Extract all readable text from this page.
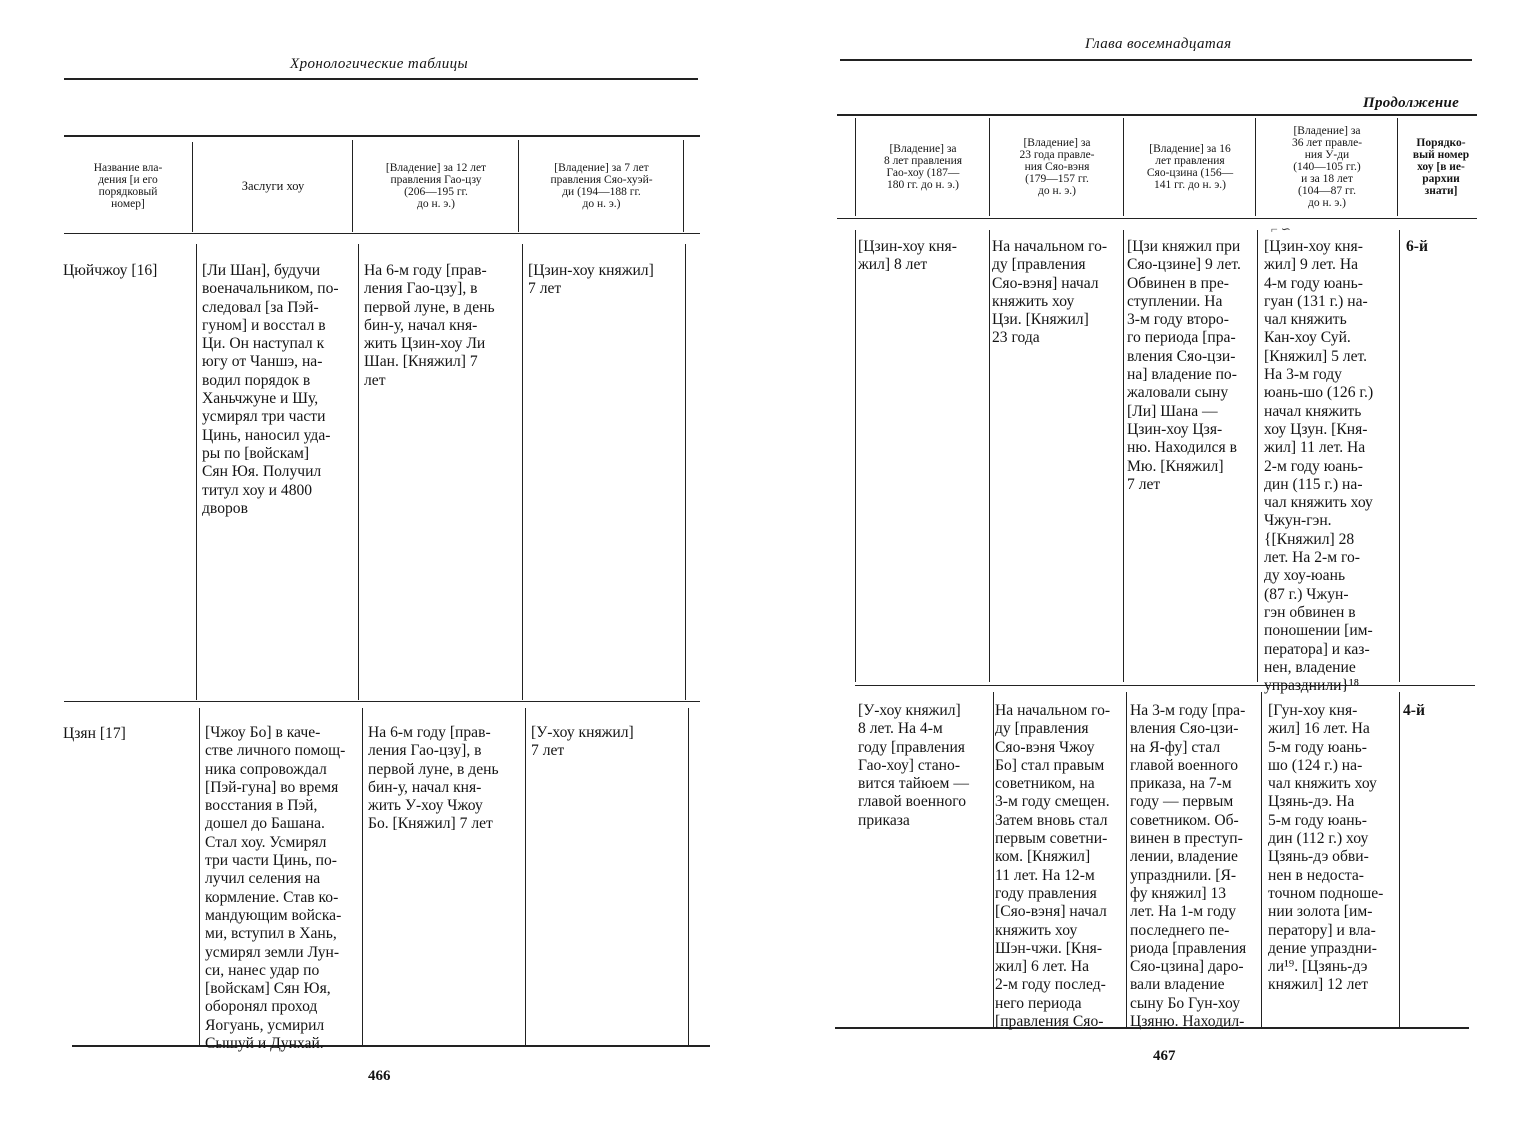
Хронологические таблицы
Название вла-
дения [и его
порядковый
номер]
Заслуги хоу
[Владение] за 12 лет
правления Гао-цзу
(206—195 гг.
до н. э.)
[Владение] за 7 лет
правления Сяо-хуэй-
ди (194—188 гг.
до н. э.)
Цюйчжоу [16]	[Ли Шан], будучи
военачальником, по-
следовал [за Пэй-
гуном] и восстал в
Ци. Он наступал к
югу от Чаншэ, на-
водил порядок в
Ханьчжуне и Шу,
усмирял три части
Цинь, наносил уда-
ры по [войскам]
Сян Юя. Получил
титул хоу и 4800
дворов
На 6-м году [прав-
ления Гао-цзу], в
первой луне, в день
бин-у, начал кня-
жить Цзин-хоу Ли
Шан. [Княжил] 7
лет
[Цзин-хоу княжил]
7 лет
Цзян [17]	[Чжоу Бо] в каче-
стве личного помощ-
ника сопровождал
[Пэй-гуна] во время
восстания в Пэй,
дошел до Башана.
Стал хоу. Усмирял
три части Цинь, по-
лучил селения на
кормление. Став ко-
мандующим войска-
ми, вступил в Хань,
усмирял земли Лун-
си, нанес удар по
[войскам] Сян Юя,
оборонял проход
Яогуань, усмирил
Сышуй и Дунхай.
На 6-м году [прав-
ления Гао-цзу], в
первой луне, в день
бин-у, начал кня-
жить У-хоу Чжоу
Бо. [Княжил] 7 лет
[У-хоу княжил]
7 лет
466
Глава восемнадцатая
Продолжение
[Владение] за
8 лет правления
Гао-хоу (187—
180 гг. до н. э.)
[Владение] за
23 года правле-
ния Сяо-вэня
(179—157 гг.
до н. э.)
[Владение] за 16
лет правления
Сяо-цзина (156—
141 гг. до н. э.)
[Владение] за
36 лет правле-
ния У-ди
(140—105 гг.)
и за 18 лет
(104—87 гг.
до н. э.)
Порядко-
вый номер
хоу [в ие-
рархии
знати]
⌐ ∽
[Цзин-хоу кня-
жил] 8 лет
На начальном го-
ду [правления
Сяо-вэня] начал
княжить хоу
Цзи. [Княжил]
23 года
[Цзи княжил при
Сяо-цзине] 9 лет.
Обвинен в пре-
ступлении. На
3-м году второ-
го периода [пра-
вления Сяо-цзи-
на] владение по-
жаловали сыну
[Ли] Шана —
Цзин-хоу Цзя-
ню. Находился в
Мю. [Княжил]
7 лет
[Цзин-хоу кня-
жил] 9 лет. На
4-м году юань-
гуан (131 г.) на-
чал княжить
Кан-хоу Суй.
[Княжил] 5 лет.
На 3-м году
юань-шо (126 г.)
начал княжить
хоу Цзун. [Кня-
жил] 11 лет. На
2-м году юань-
дин (115 г.) на-
чал княжить хоу
Чжун-гэн.
{[Княжил] 28
лет. На 2-м го-
ду хоу-юань
(87 г.) Чжун-
гэн обвинен в
поношении [им-
ператора] и каз-
нен, владение
упразднили}¹⁸
6-й
[У-хоу княжил]
8 лет. На 4-м
году [правления
Гао-хоу] стано-
вится тайюем —
главой военного
приказа
На начальном го-
ду [правления
Сяо-вэня Чжоу
Бо] стал правым
советником, на
3-м году смещен.
Затем вновь стал
первым советни-
ком. [Княжил]
11 лет. На 12-м
году правления
[Сяо-вэня] начал
княжить хоу
Шэн-чжи. [Кня-
жил] 6 лет. На
2-м году послед-
него периода
[правления Сяо-
На 3-м году [пра-
вления Сяо-цзи-
на Я-фу] стал
главой военного
приказа, на 7-м
году — первым
советником. Об-
винен в преступ-
лении, владение
упразднили. [Я-
фу княжил] 13
лет. На 1-м году
последнего пе-
риода [правления
Сяо-цзина] даро-
вали владение
сыну Бо Гун-хоу
Цзяню. Находил-
[Гун-хоу кня-
жил] 16 лет. На
5-м году юань-
шо (124 г.) на-
чал княжить хоу
Цзянь-дэ. На
5-м году юань-
дин (112 г.) хоу
Цзянь-дэ обви-
нен в недоста-
точном подноше-
нии золота [им-
ператору] и вла-
дение упраздни-
ли¹⁹. [Цзянь-дэ
княжил] 12 лет
4-й
467
